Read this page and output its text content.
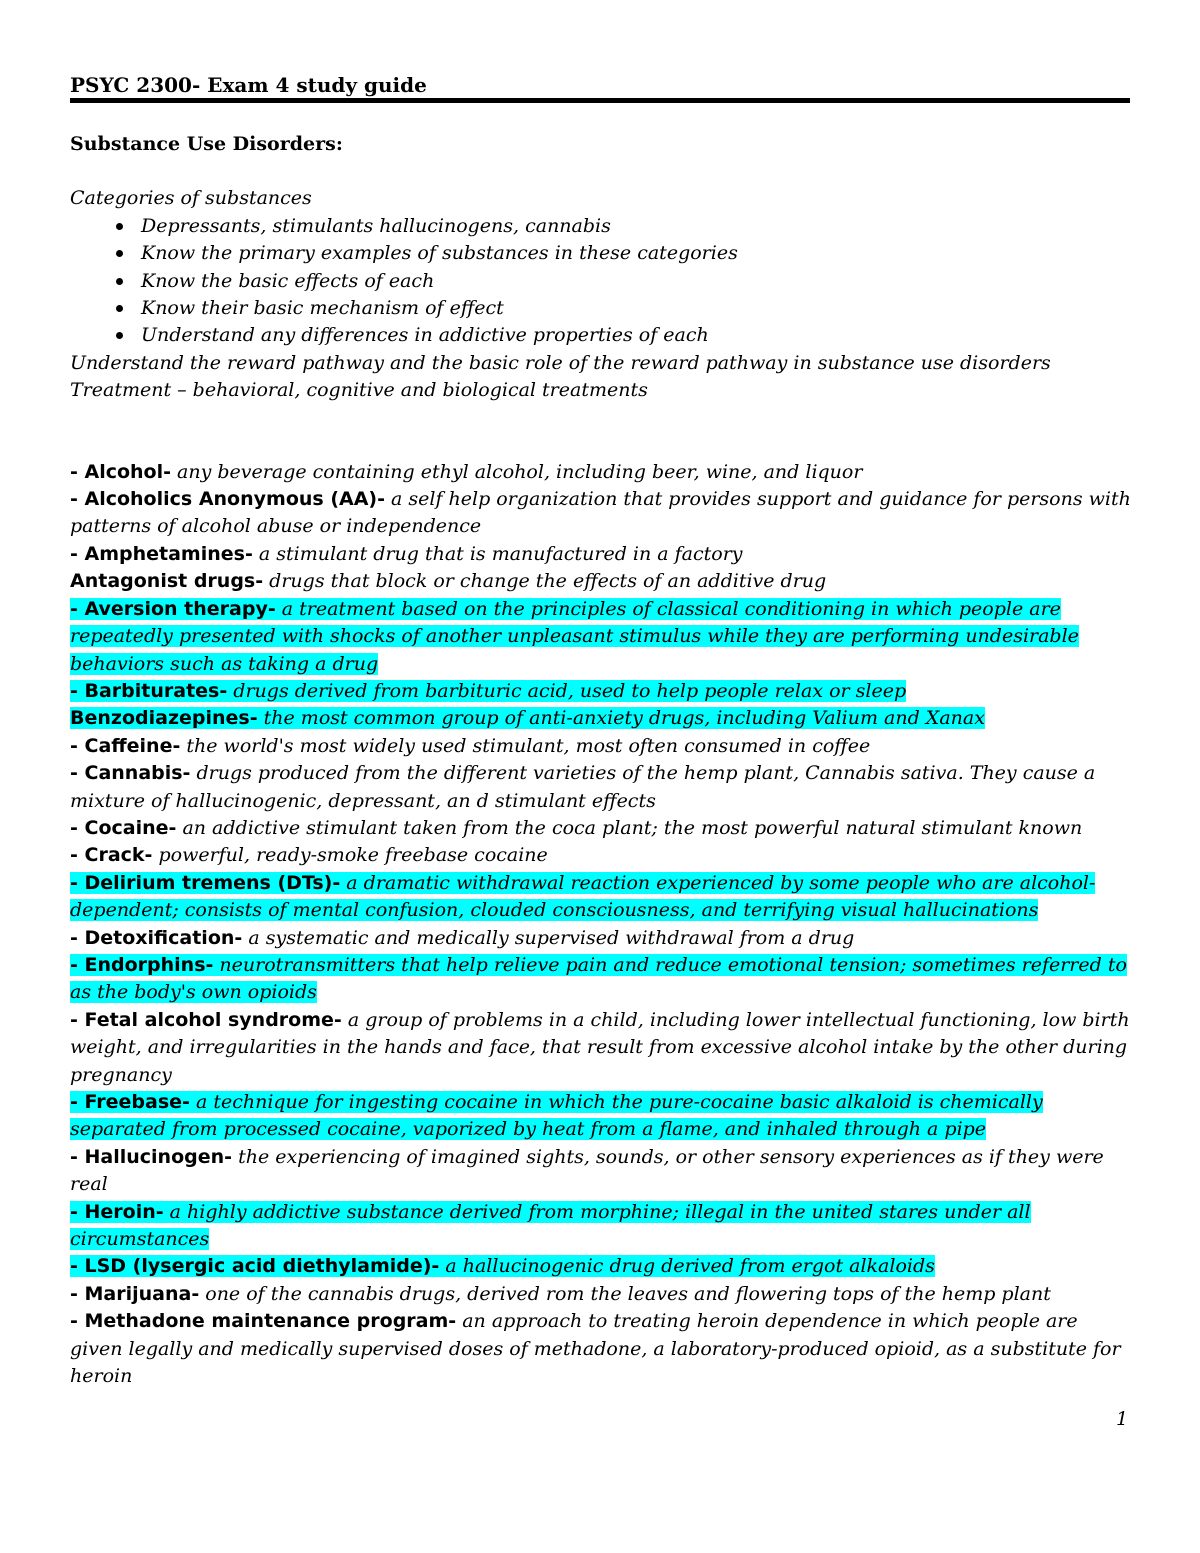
PSYC 2300- Exam 4 study guide

Substance Use Disorders:

Categories of substances

Depressants, stimulants hallucinogens, cannabis
Know the primary examples of substances in these categories
Know the basic effects of each
Know their basic mechanism of effect
Understand any differences in addictive properties of each

Understand the reward pathway and the basic role of the reward pathway in substance use disorders

Treatment – behavioral, cognitive and biological treatments

- Alcohol- any beverage containing ethyl alcohol, including beer, wine, and liquor

- Alcoholics Anonymous (AA)- a self help organization that provides support and guidance for persons with patterns of alcohol abuse or independence

- Amphetamines- a stimulant drug that is manufactured in a factory

Antagonist drugs- drugs that block or change the effects of an additive drug

- Aversion therapy- a treatment based on the principles of classical conditioning in which people are repeatedly presented with shocks of another unpleasant stimulus while they are performing undesirable behaviors such as taking a drug

- Barbiturates- drugs derived from barbituric acid, used to help people relax or sleep

Benzodiazepines- the most common group of anti-anxiety drugs, including Valium and Xanax

- Caffeine- the world's most widely used stimulant, most often consumed in coffee

- Cannabis- drugs produced from the different varieties of the hemp plant, Cannabis sativa. They cause a mixture of hallucinogenic, depressant, an d stimulant effects

- Cocaine- an addictive stimulant taken from the coca plant; the most powerful natural stimulant known

- Crack- powerful, ready-smoke freebase cocaine

- Delirium tremens (DTs)- a dramatic withdrawal reaction experienced by some people who are alcohol-dependent; consists of mental confusion, clouded consciousness, and terrifying visual hallucinations

- Detoxification- a systematic and medically supervised withdrawal from a drug

- Endorphins- neurotransmitters that help relieve pain and reduce emotional tension; sometimes referred to as the body's own opioids

- Fetal alcohol syndrome- a group of problems in a child, including lower intellectual functioning, low birth weight, and irregularities in the hands and face, that result from excessive alcohol intake by the other during pregnancy

- Freebase- a technique for ingesting cocaine in which the pure-cocaine basic alkaloid is chemically separated from processed cocaine, vaporized by heat from a flame, and inhaled through a pipe

- Hallucinogen- the experiencing of imagined sights, sounds, or other sensory experiences as if they were real

- Heroin- a highly addictive substance derived from morphine; illegal in the united stares under all circumstances

- LSD (lysergic acid diethylamide)- a hallucinogenic drug derived from ergot alkaloids

- Marijuana- one of the cannabis drugs, derived rom the leaves and flowering tops of the hemp plant

- Methadone maintenance program- an approach to treating heroin dependence in which people are given legally and medically supervised doses of methadone, a laboratory-produced opioid, as a substitute for heroin

1
